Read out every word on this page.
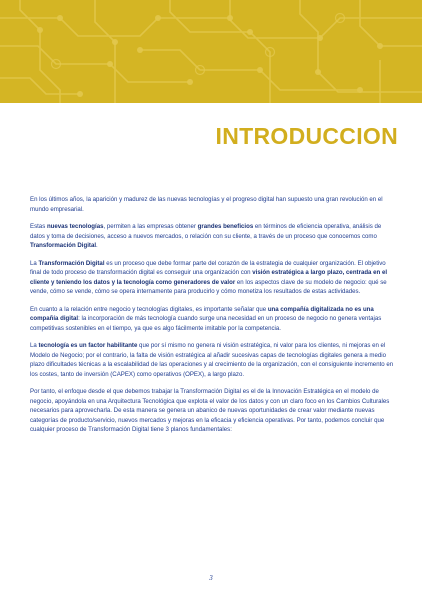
INTRODUCCION

En los últimos años, la aparición y madurez de las nuevas tecnologías y el progreso digital han supuesto una gran revolución en el mundo empresarial.

Estas nuevas tecnologías, permiten a las empresas obtener grandes beneficios en términos de eficiencia operativa, análisis de datos y toma de decisiones, acceso a nuevos mercados, o relación con su cliente, a través de un proceso que conocemos como Transformación Digital.

La Transformación Digital es un proceso que debe formar parte del corazón de la estrategia de cualquier organización. El objetivo final de todo proceso de transformación digital es conseguir una organización con visión estratégica a largo plazo, centrada en el cliente y teniendo los datos y la tecnología como generadores de valor en los aspectos clave de su modelo de negocio: qué se vende, cómo se vende, cómo se opera internamente para producirlo y cómo monetiza los resultados de estas actividades.

En cuanto a la relación entre negocio y tecnologías digitales, es importante señalar que una compañía digitalizada no es una compañía digital: la incorporación de más tecnología cuando surge una necesidad en un proceso de negocio no genera ventajas competitivas sostenibles en el tiempo, ya que es algo fácilmente imitable por la competencia.

La tecnología es un factor habilitante que por sí mismo no genera ni visión estratégica, ni valor para los clientes, ni mejoras en el Modelo de Negocio; por el contrario, la falta de visión estratégica al añadir sucesivas capas de tecnologías digitales genera a medio plazo dificultades técnicas a la escalabilidad de las operaciones y al crecimiento de la organización, con el consiguiente incremento en los costes, tanto de inversión (CAPEX) como operativos (OPEX), a largo plazo.

Por tanto, el enfoque desde el que debemos trabajar la Transformación Digital es el de la Innovación Estratégica en el modelo de negocio, apoyándola en una Arquitectura Tecnológica que explota el valor de los datos y con un claro foco en los Cambios Culturales necesarios para aprovecharla. De esta manera se genera un abanico de nuevas oportunidades de crear valor mediante nuevas categorías de producto/servicio, nuevos mercados y mejoras en la eficacia y eficiencia operativas. Por tanto, podemos concluir que cualquier proceso de Transformación Digital tiene 3 planos fundamentales:

3
